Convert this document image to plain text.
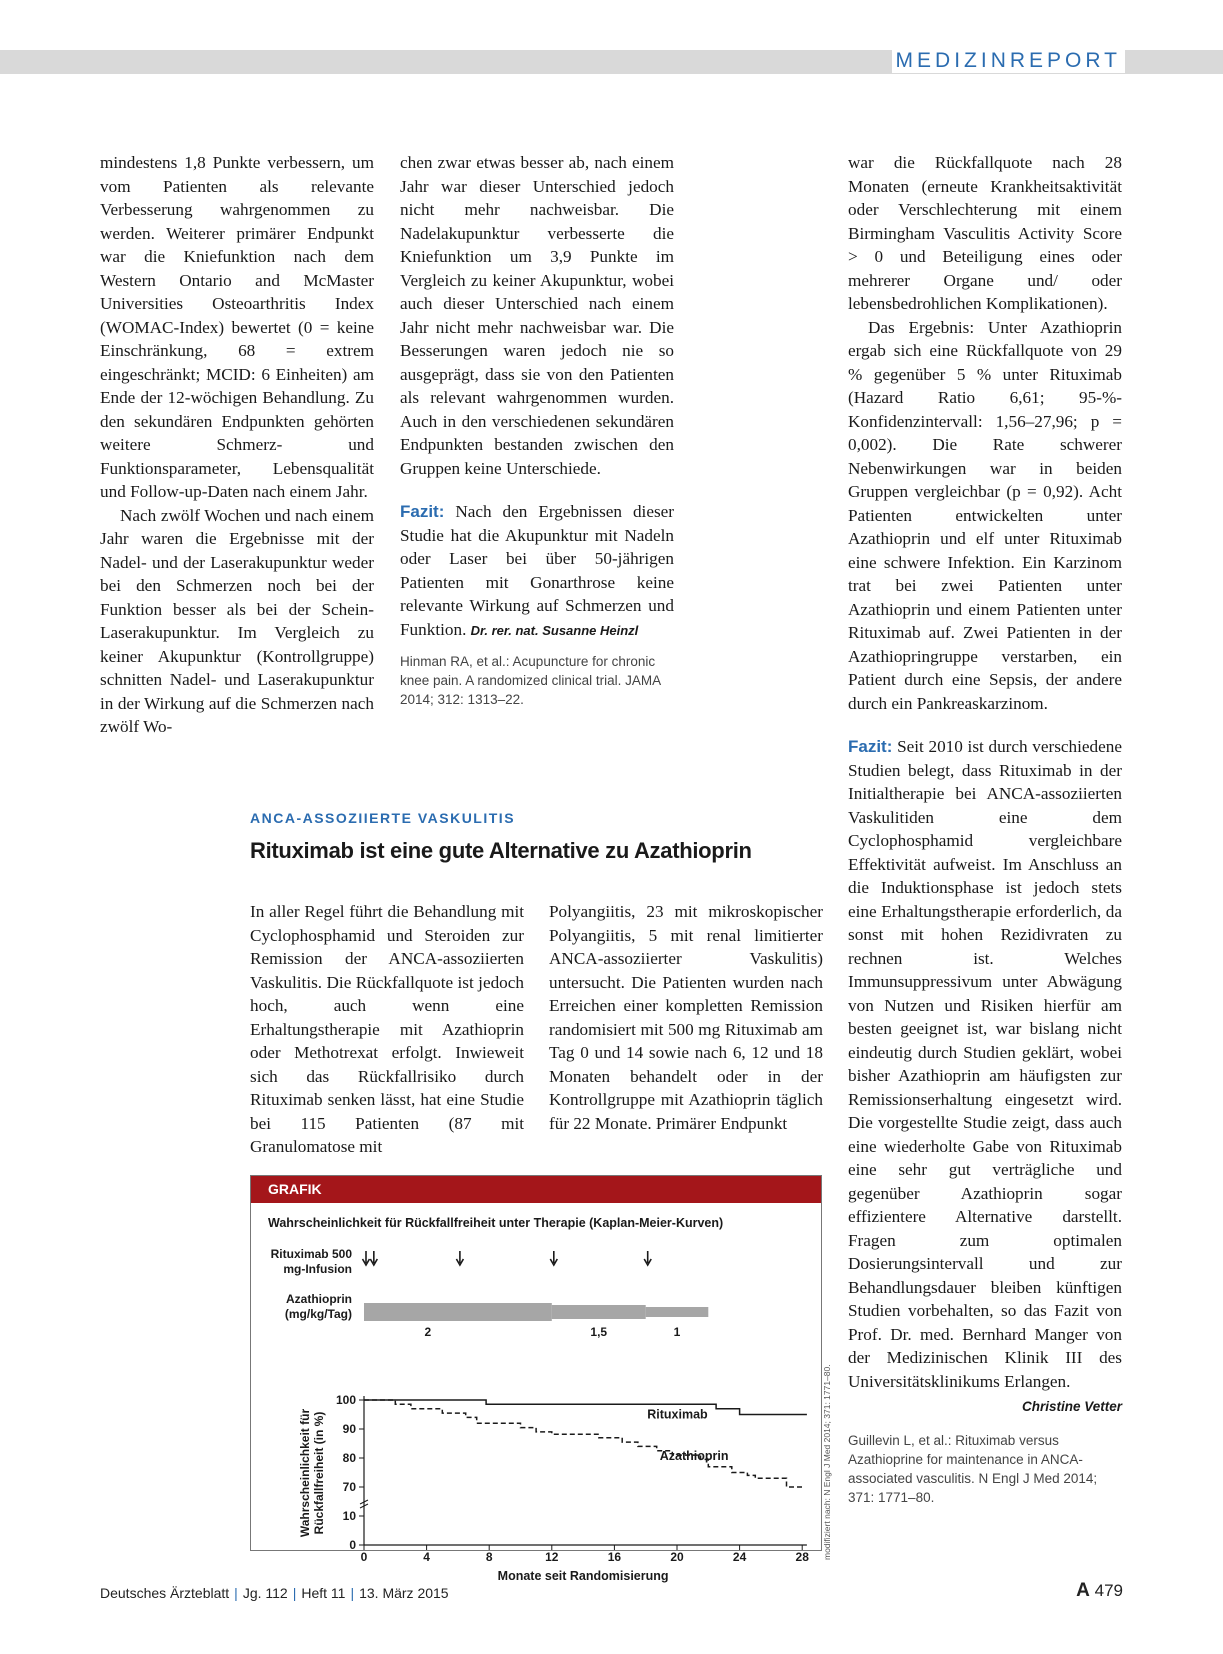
MEDIZINREPORT

mindestens 1,8 Punkte verbessern, um vom Patienten als relevante Verbesserung wahrgenommen zu werden. Weiterer primärer Endpunkt war die Kniefunktion nach dem Western Ontario and McMaster Universities Osteoarthritis Index (WOMAC-Index) bewertet (0 = keine Einschränkung, 68 = extrem eingeschränkt; MCID: 6 Einheiten) am Ende der 12-wöchigen Behandlung. Zu den sekundären Endpunkten gehörten weitere Schmerz- und Funktionsparameter, Lebensqualität und Follow-up-Daten nach einem Jahr.

Nach zwölf Wochen und nach einem Jahr waren die Ergebnisse mit der Nadel- und der Laserakupunktur weder bei den Schmerzen noch bei der Funktion besser als bei der Schein-Laserakupunktur. Im Vergleich zu keiner Akupunktur (Kontrollgruppe) schnitten Nadel- und Laserakupunktur in der Wirkung auf die Schmerzen nach zwölf Wo-

chen zwar etwas besser ab, nach einem Jahr war dieser Unterschied jedoch nicht mehr nachweisbar. Die Nadelakupunktur verbesserte die Kniefunktion um 3,9 Punkte im Vergleich zu keiner Akupunktur, wobei auch dieser Unterschied nach einem Jahr nicht mehr nachweisbar war. Die Besserungen waren jedoch nie so ausgeprägt, dass sie von den Patienten als relevant wahrgenommen wurden. Auch in den verschiedenen sekundären Endpunkten bestanden zwischen den Gruppen keine Unterschiede.

Fazit: Nach den Ergebnissen dieser Studie hat die Akupunktur mit Nadeln oder Laser bei über 50-jährigen Patienten mit Gonarthrose keine relevante Wirkung auf Schmerzen und Funktion. Dr. rer. nat. Susanne Heinzl

Hinman RA, et al.: Acupuncture for chronic knee pain. A randomized clinical trial. JAMA 2014; 312: 1313–22.

war die Rückfallquote nach 28 Monaten (erneute Krankheitsaktivität oder Verschlechterung mit einem Birmingham Vasculitis Activity Score > 0 und Beteiligung eines oder mehrerer Organe und/ oder lebensbedrohlichen Komplikationen).

Das Ergebnis: Unter Azathioprin ergab sich eine Rückfallquote von 29 % gegenüber 5 % unter Rituximab (Hazard Ratio 6,61; 95-%-Konfidenzintervall: 1,56–27,96; p = 0,002). Die Rate schwerer Nebenwirkungen war in beiden Gruppen vergleichbar (p = 0,92). Acht Patienten entwickelten unter Azathioprin und elf unter Rituximab eine schwere Infektion. Ein Karzinom trat bei zwei Patienten unter Azathioprin und einem Patienten unter Rituximab auf. Zwei Patienten in der Azathiopringruppe verstarben, ein Patient durch eine Sepsis, der andere durch ein Pankreaskarzinom.

Fazit: Seit 2010 ist durch verschiedene Studien belegt, dass Rituximab in der Initialtherapie bei ANCA-assoziierten Vaskulitiden eine dem Cyclophosphamid vergleichbare Effektivität aufweist. Im Anschluss an die Induktionsphase ist jedoch stets eine Erhaltungstherapie erforderlich, da sonst mit hohen Rezidivraten zu rechnen ist. Welches Immunsuppressivum unter Abwägung von Nutzen und Risiken hierfür am besten geeignet ist, war bislang nicht eindeutig durch Studien geklärt, wobei bisher Azathioprin am häufigsten zur Remissionserhaltung eingesetzt wird. Die vorgestellte Studie zeigt, dass auch eine wiederholte Gabe von Rituximab eine sehr gut verträgliche und gegenüber Azathioprin sogar effizientere Alternative darstellt. Fragen zum optimalen Dosierungsintervall und zur Behandlungsdauer bleiben künftigen Studien vorbehalten, so das Fazit von Prof. Dr. med. Bernhard Manger von der Medizinischen Klinik III des Universitätsklinikums Erlangen.

Christine Vetter

Guillevin L, et al.: Rituximab versus Azathioprine for maintenance in ANCA-associated vasculitis. N Engl J Med 2014; 371: 1771–80.

ANCA-ASSOZIIERTE VASKULITIS
Rituximab ist eine gute Alternative zu Azathioprin

In aller Regel führt die Behandlung mit Cyclophosphamid und Steroiden zur Remission der ANCA-assoziierten Vaskulitis. Die Rückfallquote ist jedoch hoch, auch wenn eine Erhaltungstherapie mit Azathioprin oder Methotrexat erfolgt. Inwieweit sich das Rückfallrisiko durch Rituximab senken lässt, hat eine Studie bei 115 Patienten (87 mit Granulomatose mit

Polyangiitis, 23 mit mikroskopischer Polyangiitis, 5 mit renal limitierter ANCA-assoziierter Vaskulitis) untersucht. Die Patienten wurden nach Erreichen einer kompletten Remission randomisiert mit 500 mg Rituximab am Tag 0 und 14 sowie nach 6, 12 und 18 Monaten behandelt oder in der Kontrollgruppe mit Azathioprin täglich für 22 Monate. Primärer Endpunkt

GRAFIK
Wahrscheinlichkeit für Rückfallfreiheit unter Therapie (Kaplan-Meier-Kurven)
Rituximab 500
mg-Infusion
Azathioprin
(mg/kg/Tag)
2	1,5	1
0
10
70
80
90
100
0	4	8	12	16	20	24	28
Monate seit Randomisierung
Wahrscheinlichkeit für Rückfallfreiheit (in %)	Rituximab
Azathioprin	modifiziert nach: N Engl J Med 2014; 371: 1771–80.
Deutsches Ärzteblatt | Jg. 112 | Heft 11 | 13. März 2015	A 479
